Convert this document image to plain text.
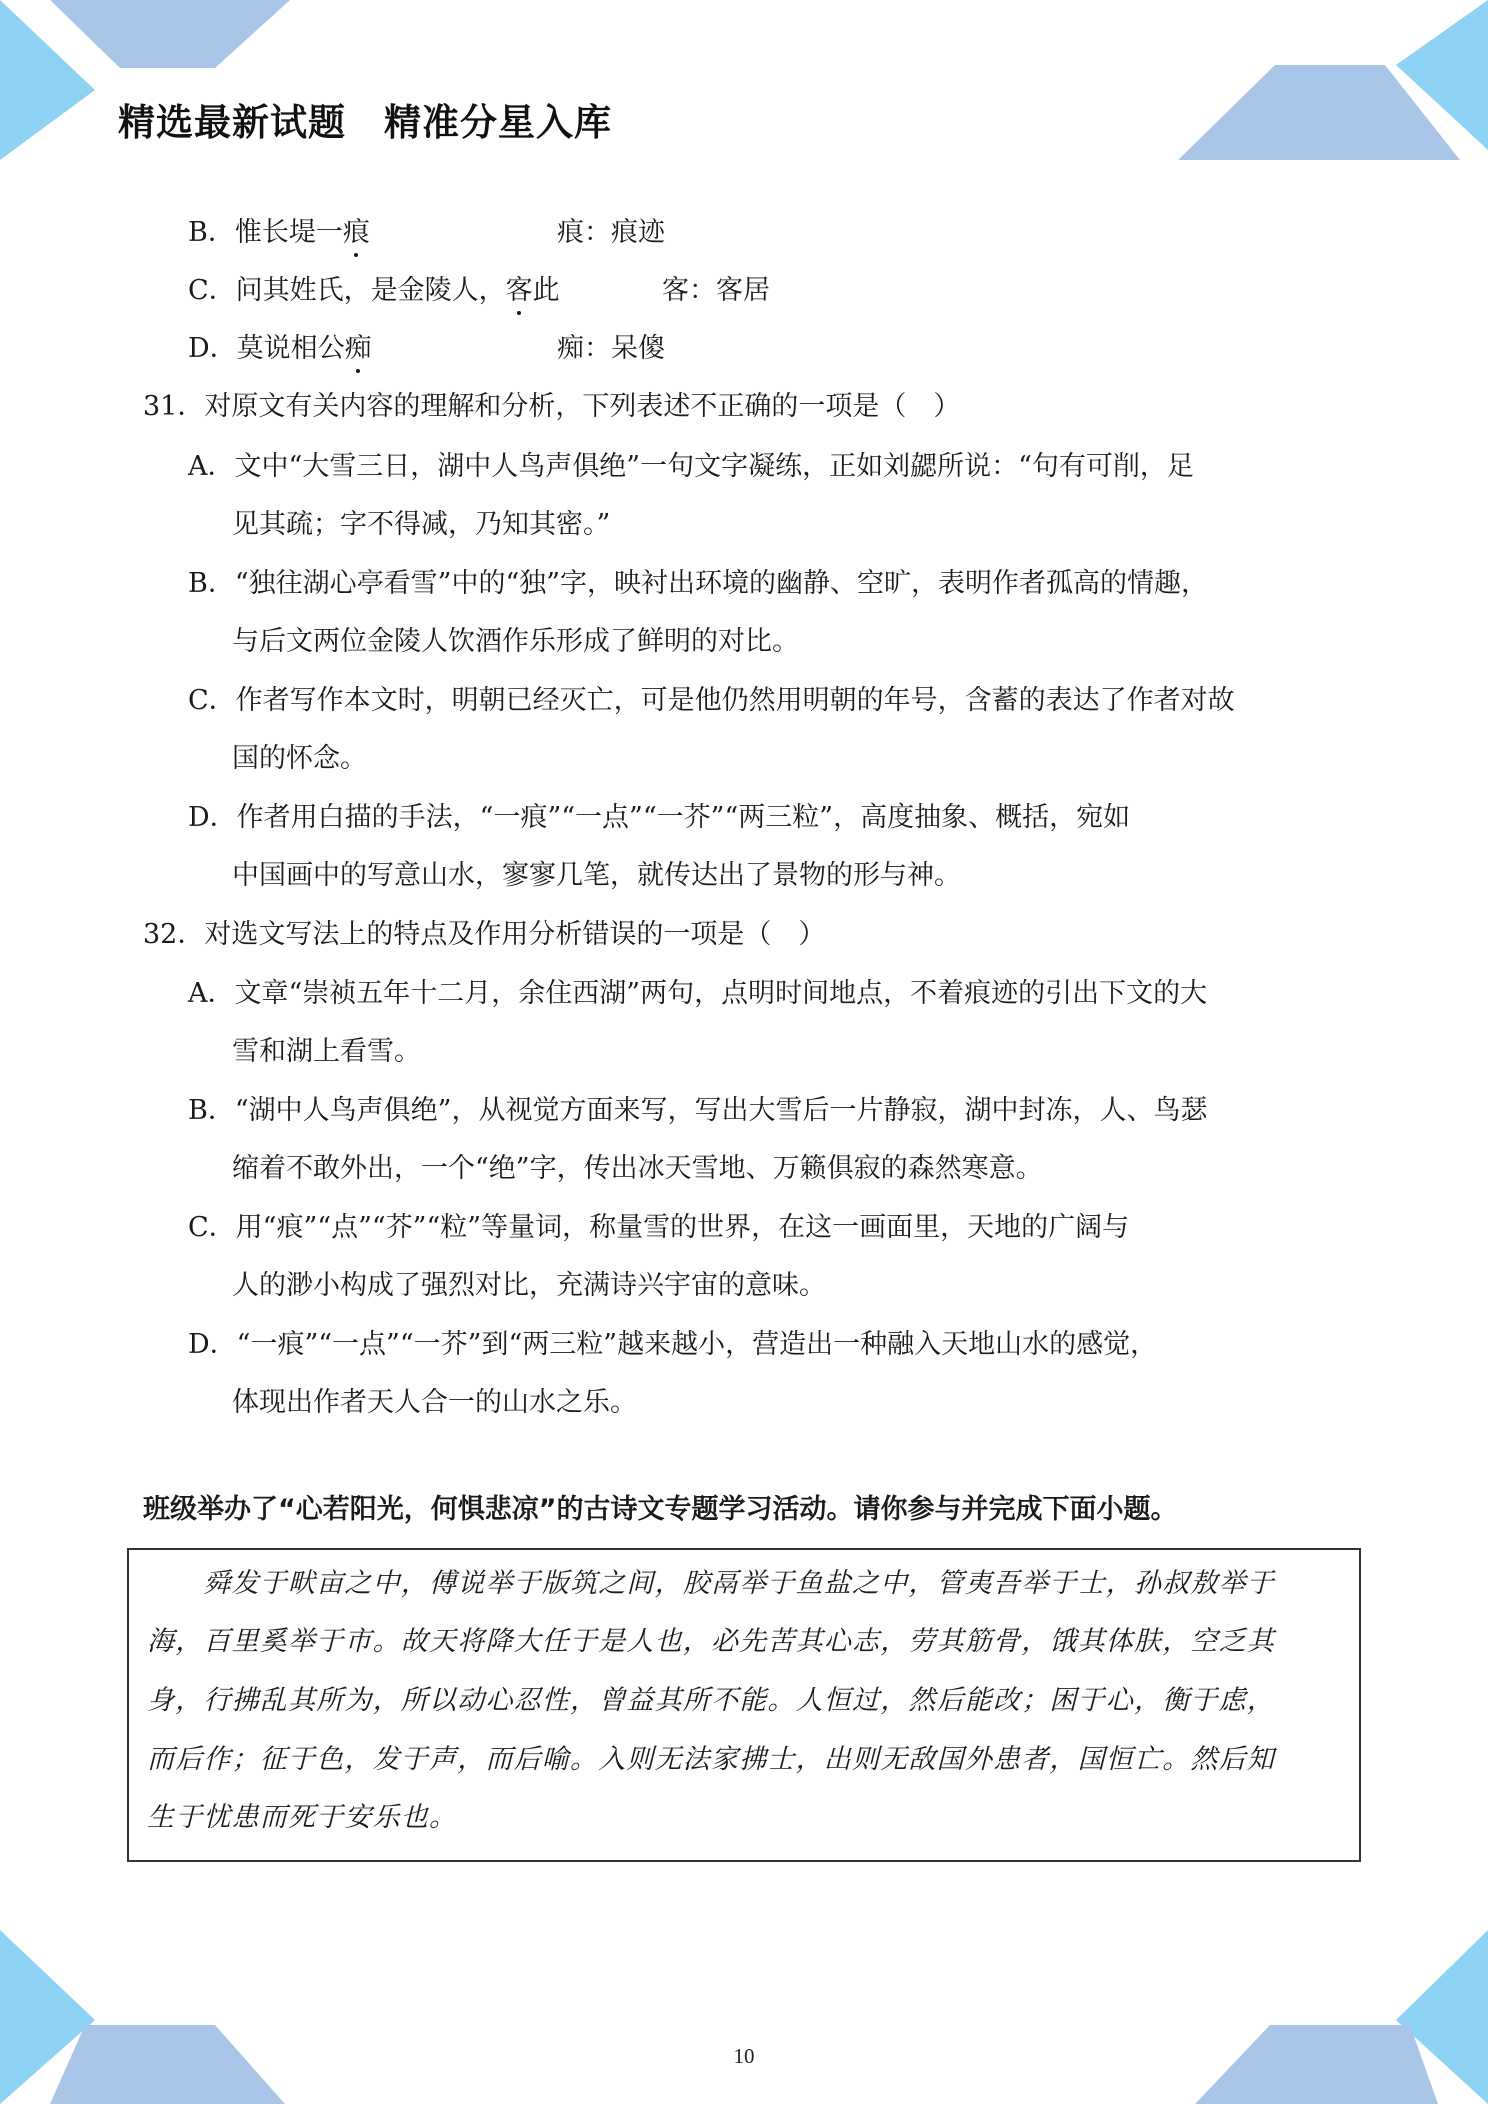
精选最新试题　精准分星入库
B．惟长堤一痕	痕：痕迹
C．问其姓氏，是金陵人，客此	客：客居
D．莫说相公痴	痴：呆傻
31．对原文有关内容的理解和分析，下列表述不正确的一项是（　）
A．文中“大雪三日，湖中人鸟声俱绝”一句文字凝练，正如刘勰所说：“句有可削，足
见其疏；字不得减，乃知其密。”
B．“独往湖心亭看雪”中的“独”字，映衬出环境的幽静、空旷，表明作者孤高的情趣，
与后文两位金陵人饮酒作乐形成了鲜明的对比。
C．作者写作本文时，明朝已经灭亡，可是他仍然用明朝的年号，含蓄的表达了作者对故
国的怀念。
D．作者用白描的手法，“一痕”“一点”“一芥”“两三粒”，高度抽象、概括，宛如
中国画中的写意山水，寥寥几笔，就传达出了景物的形与神。
32．对选文写法上的特点及作用分析错误的一项是（　）
A．文章“崇祯五年十二月，余住西湖”两句，点明时间地点，不着痕迹的引出下文的大
雪和湖上看雪。
B．“湖中人鸟声俱绝”，从视觉方面来写，写出大雪后一片静寂，湖中封冻，人、鸟瑟
缩着不敢外出，一个“绝”字，传出冰天雪地、万籁俱寂的森然寒意。
C．用“痕”“点”“芥”“粒”等量词，称量雪的世界，在这一画面里，天地的广阔与
人的渺小构成了强烈对比，充满诗兴宇宙的意味。
D．“一痕”“一点”“一芥”到“两三粒”越来越小，营造出一种融入天地山水的感觉，
体现出作者天人合一的山水之乐。

班级举办了“心若阳光，何惧悲凉”的古诗文专题学习活动。请你参与并完成下面小题。

　　舜发于畎亩之中，傅说举于版筑之间，胶鬲举于鱼盐之中，管夷吾举于士，孙叔敖举于
海，百里奚举于市。故天将降大任于是人也，必先苦其心志，劳其筋骨，饿其体肤，空乏其
身，行拂乱其所为，所以动心忍性，曾益其所不能。人恒过，然后能改；困于心，衡于虑，
而后作；征于色，发于声，而后喻。入则无法家拂士，出则无敌国外患者，国恒亡。然后知
生于忧患而死于安乐也。
10
